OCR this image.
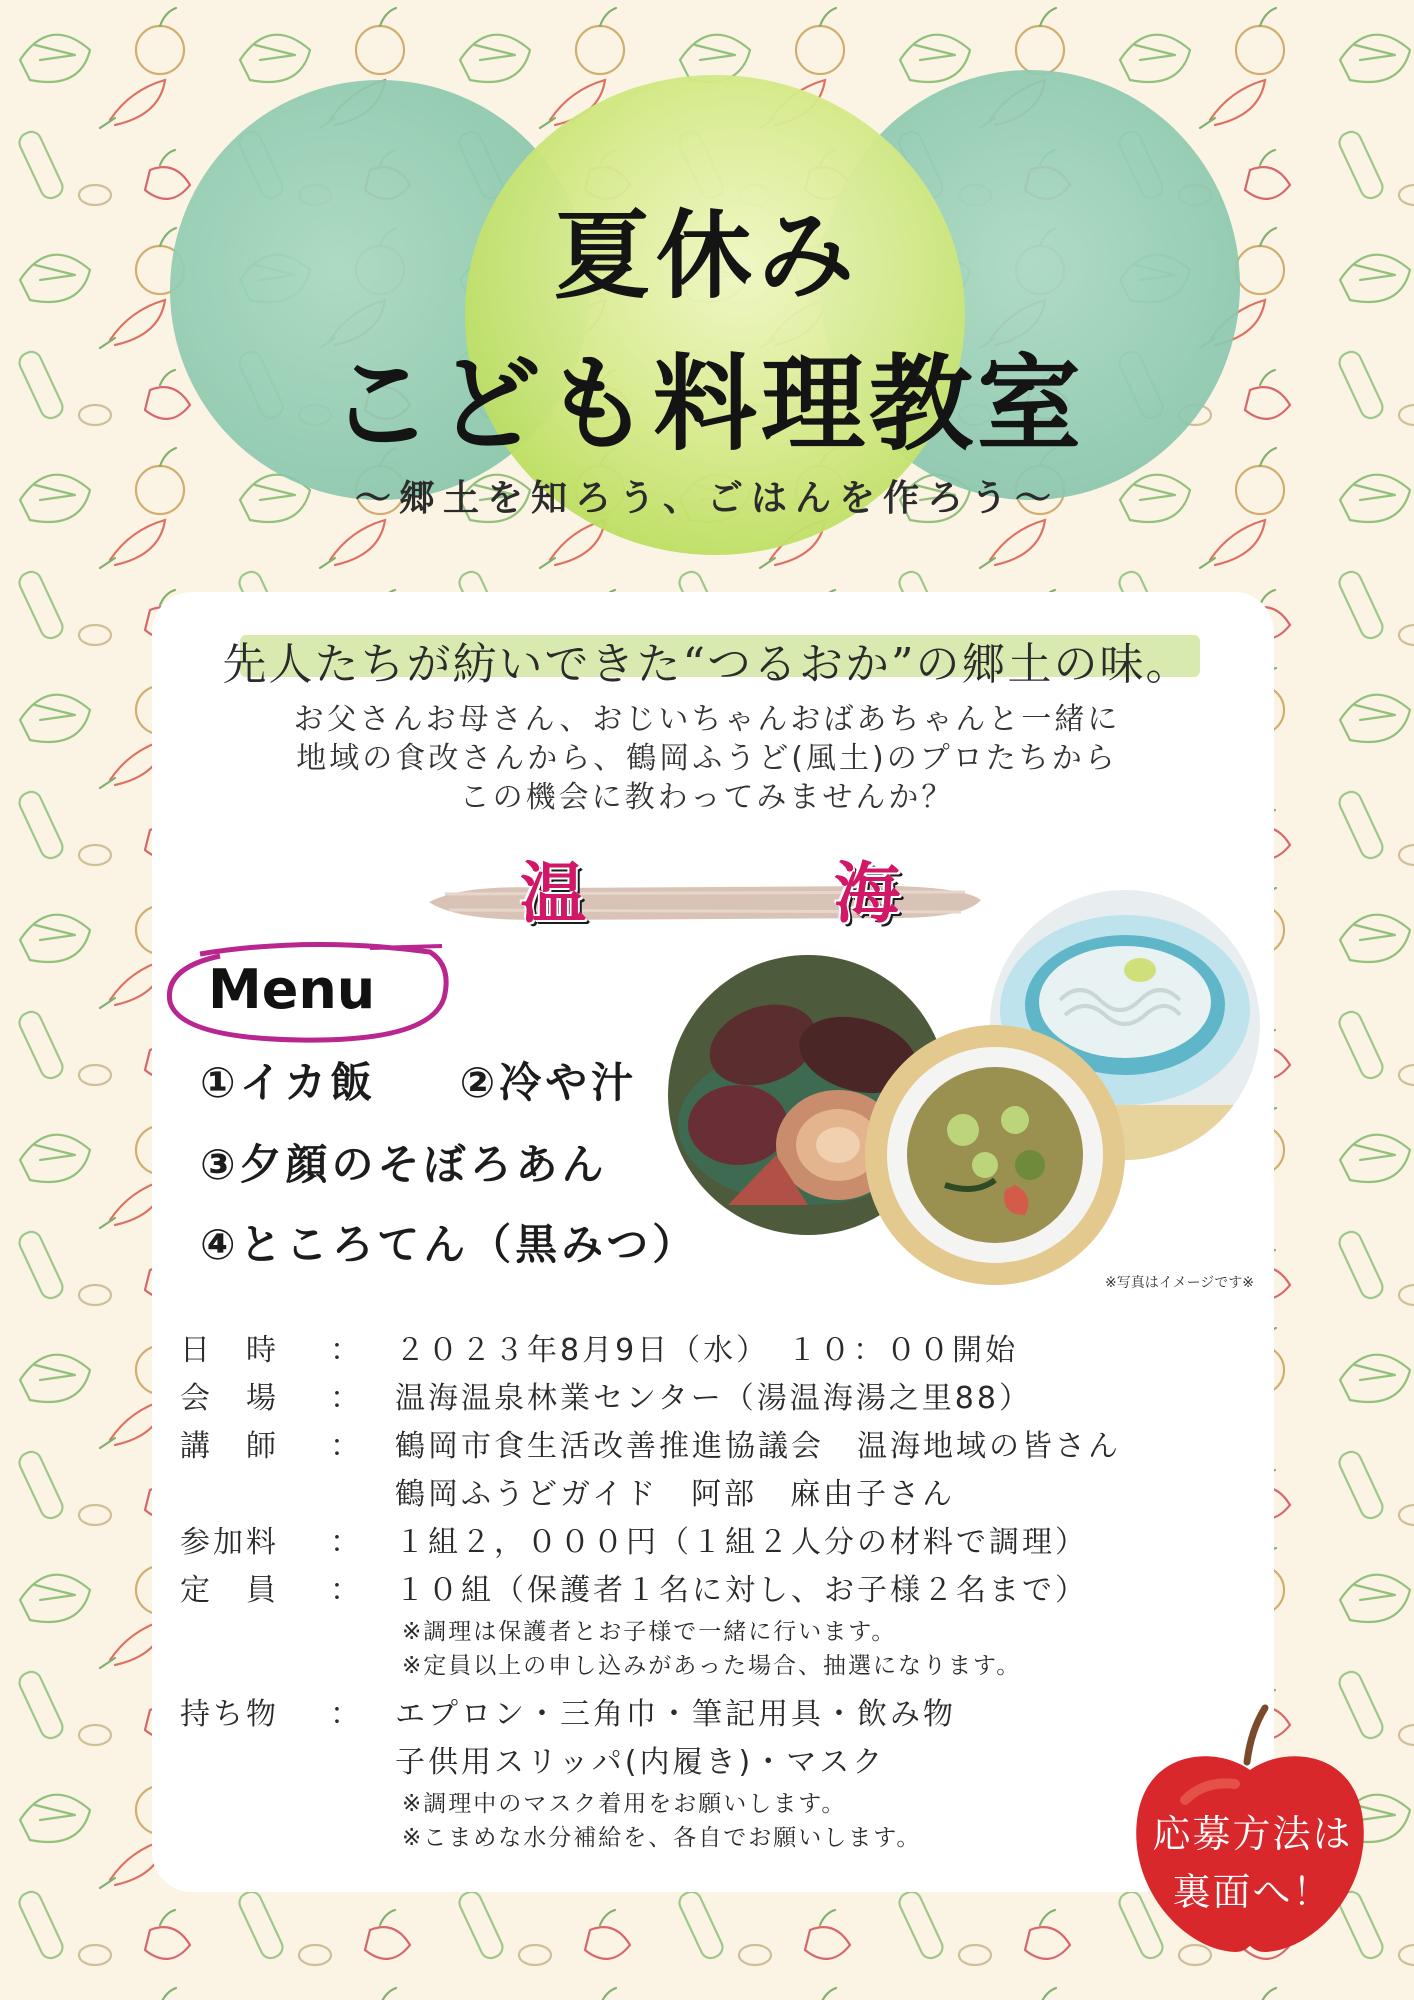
夏休み
こども料理教室
～郷土を知ろう、ごはんを作ろう～
先人たちが紡いできた“つるおか”の郷土の味。
お父さんお母さん、おじいちゃんおばあちゃんと一緒に
地域の食改さんから、鶴岡ふうど(風土)のプロたちから
この機会に教わってみませんか？
温	海
Menu
①イカ飯 　 ②冷や汁
③夕顔のそぼろあん
④ところてん（黒みつ）
※写真はイメージです※
日　時 ： ２０２３年8月9日（水）　１０：００開始
会　場 ： 温海温泉林業センター（湯温海湯之里88）
講　師 ： 鶴岡市食生活改善推進協議会　温海地域の皆さん
鶴岡ふうどガイド　阿部　麻由子さん
参加料 ： １組２，０００円（１組２人分の材料で調理）
定　員 ： １０組（保護者１名に対し、お子様２名まで）
※調理は保護者とお子様で一緒に行います。
※定員以上の申し込みがあった場合、抽選になります。
持ち物 ： エプロン・三角巾・筆記用具・飲み物
子供用スリッパ(内履き)・マスク
※調理中のマスク着用をお願いします。
※こまめな水分補給を、各自でお願いします。	応募方法は
裏面へ！
